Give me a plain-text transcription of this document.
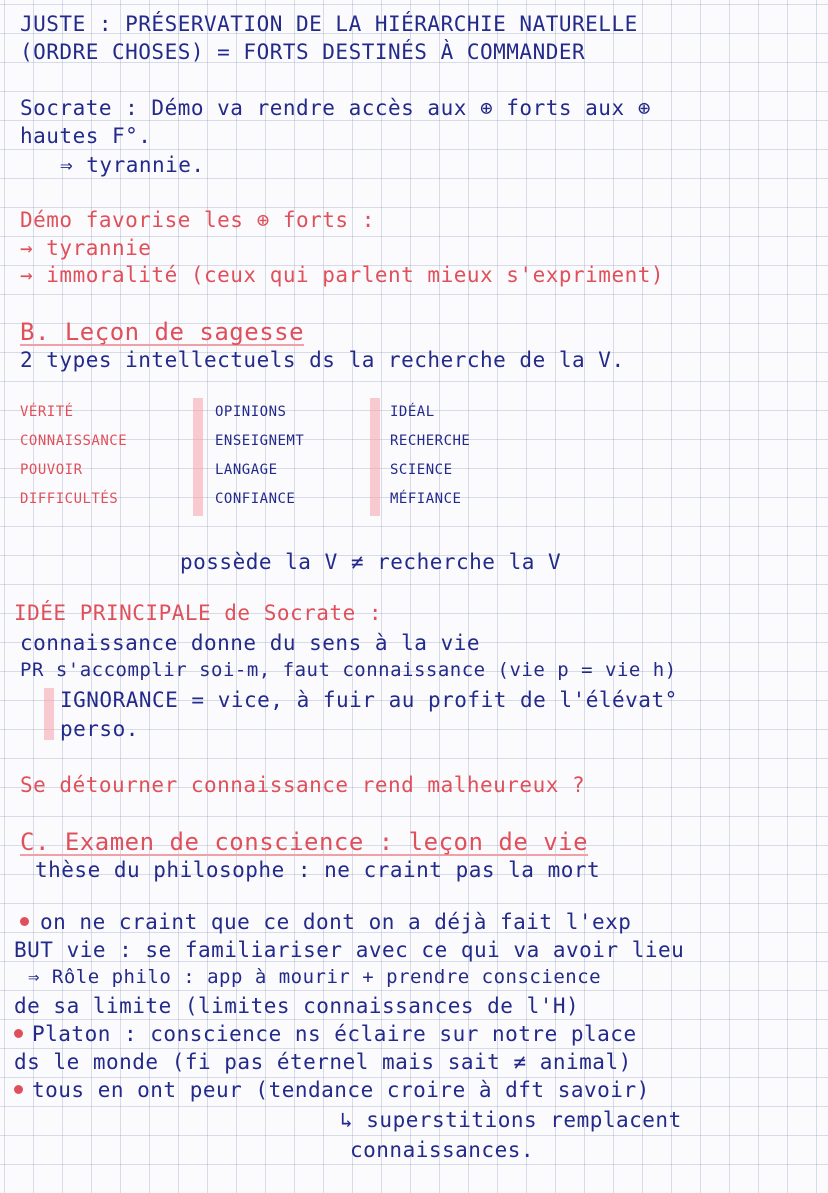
JUSTE : PRÉSERVATION DE LA HIÉRARCHIE NATURELLE
(ORDRE CHOSES) = FORTS DESTINÉS À COMMANDER
Socrate : Démo va rendre accès aux ⊕ forts aux ⊕
hautes F°.
⇒ tyrannie.
Démo favorise les ⊕ forts :
→ tyrannie
→ immoralité (ceux qui parlent mieux s'expriment)
B. Leçon de sagesse
2 types intellectuels ds la recherche de la V.
VÉRITÉ
CONNAISSANCE
POUVOIR
DIFFICULTÉS
OPINIONS
ENSEIGNEMT
LANGAGE
CONFIANCE
IDÉAL
RECHERCHE
SCIENCE
MÉFIANCE
possède la V ≠ recherche la V
IDÉE PRINCIPALE de Socrate :
connaissance donne du sens à la vie
PR s'accomplir soi-m, faut connaissance (vie p = vie h)
IGNORANCE = vice, à fuir au profit de l'élévat°
perso.
Se détourner connaissance rend malheureux ?
C. Examen de conscience : leçon de vie
thèse du philosophe : ne craint pas la mort
on ne craint que ce dont on a déjà fait l'exp
BUT vie : se familiariser avec ce qui va avoir lieu
⇒ Rôle philo : app à mourir + prendre conscience
de sa limite (limites connaissances de l'H)
Platon : conscience ns éclaire sur notre place
ds le monde (fi pas éternel mais sait ≠ animal)
tous en ont peur (tendance croire à dft savoir)
↳ superstitions remplacent
connaissances.
